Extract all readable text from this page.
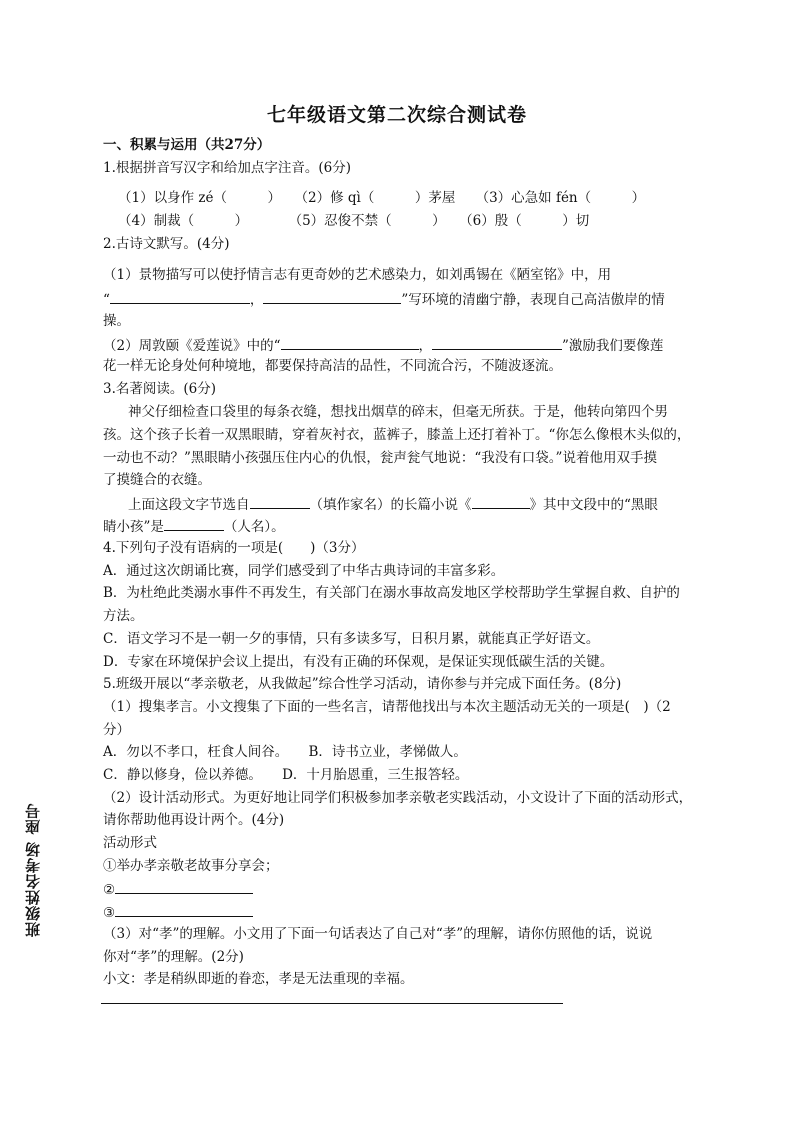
七年级语文第二次综合测试卷
一、积累与运用（共27分）
1.根据拼音写汉字和给加点字注音。(6分)
（1）以身作 zé（　　　）　　（2）修 qì（　　　）茅屋　　（3）心急如 fén（　　　）
（4）制裁（　　　）　　　　（5）忍俊不禁（　　　）　　（6）殷（　　　）切
2.古诗文默写。(4分)
（1）景物描写可以使抒情言志有更奇妙的艺术感染力，如刘禹锡在《陋室铭》中，用
“	，	”写环境的清幽宁静，表现自己高洁傲岸的情
操。
（2）周敦颐《爱莲说》中的“	，	”激励我们要像莲
花一样无论身处何种境地，都要保持高洁的品性，不同流合污，不随波逐流。
3.名著阅读。(6分)
神父仔细检查口袋里的每条衣缝，想找出烟草的碎末，但毫无所获。于是，他转向第四个男
孩。这个孩子长着一双黑眼睛，穿着灰衬衣，蓝裤子，膝盖上还打着补丁。“你怎么像根木头似的，
一动也不动？”黑眼睛小孩强压住内心的仇恨，瓮声瓮气地说：“我没有口袋。”说着他用双手摸
了摸缝合的衣缝。
上面这段文字节选自	（填作家名）的长篇小说《	》其中文段中的“黑眼
睛小孩”是	（人名）。
4.下列句子没有语病的一项是(　　)（3分）
A．通过这次朗诵比赛，同学们感受到了中华古典诗词的丰富多彩。
B．为杜绝此类溺水事件不再发生，有关部门在溺水事故高发地区学校帮助学生掌握自救、自护的
方法。
C．语文学习不是一朝一夕的事情，只有多读多写，日积月累，就能真正学好语文。
D．专家在环境保护会议上提出，有没有正确的环保观，是保证实现低碳生活的关键。
5.班级开展以“孝亲敬老，从我做起”综合性学习活动，请你参与并完成下面任务。(8分)
（1）搜集孝言。小文搜集了下面的一些名言，请帮他找出与本次主题活动无关的一项是(　)（2
分）
A．勿以不孝口，枉食人间谷。　　B．诗书立业，孝悌做人。
C．静以修身，俭以养德。　　D．十月胎恩重，三生报答轻。
（2）设计活动形式。为更好地让同学们积极参加孝亲敬老实践活动，小文设计了下面的活动形式，
请你帮助他再设计两个。(4分)
活动形式
①举办孝亲敬老故事分享会；
②
③
（3）对“孝”的理解。小文用了下面一句话表达了自己对“孝”的理解，请你仿照他的话，说说
你对“孝”的理解。(2分)
小文：孝是稍纵即逝的眷恋，孝是无法重现的幸福。
班级姓名考场 座号
